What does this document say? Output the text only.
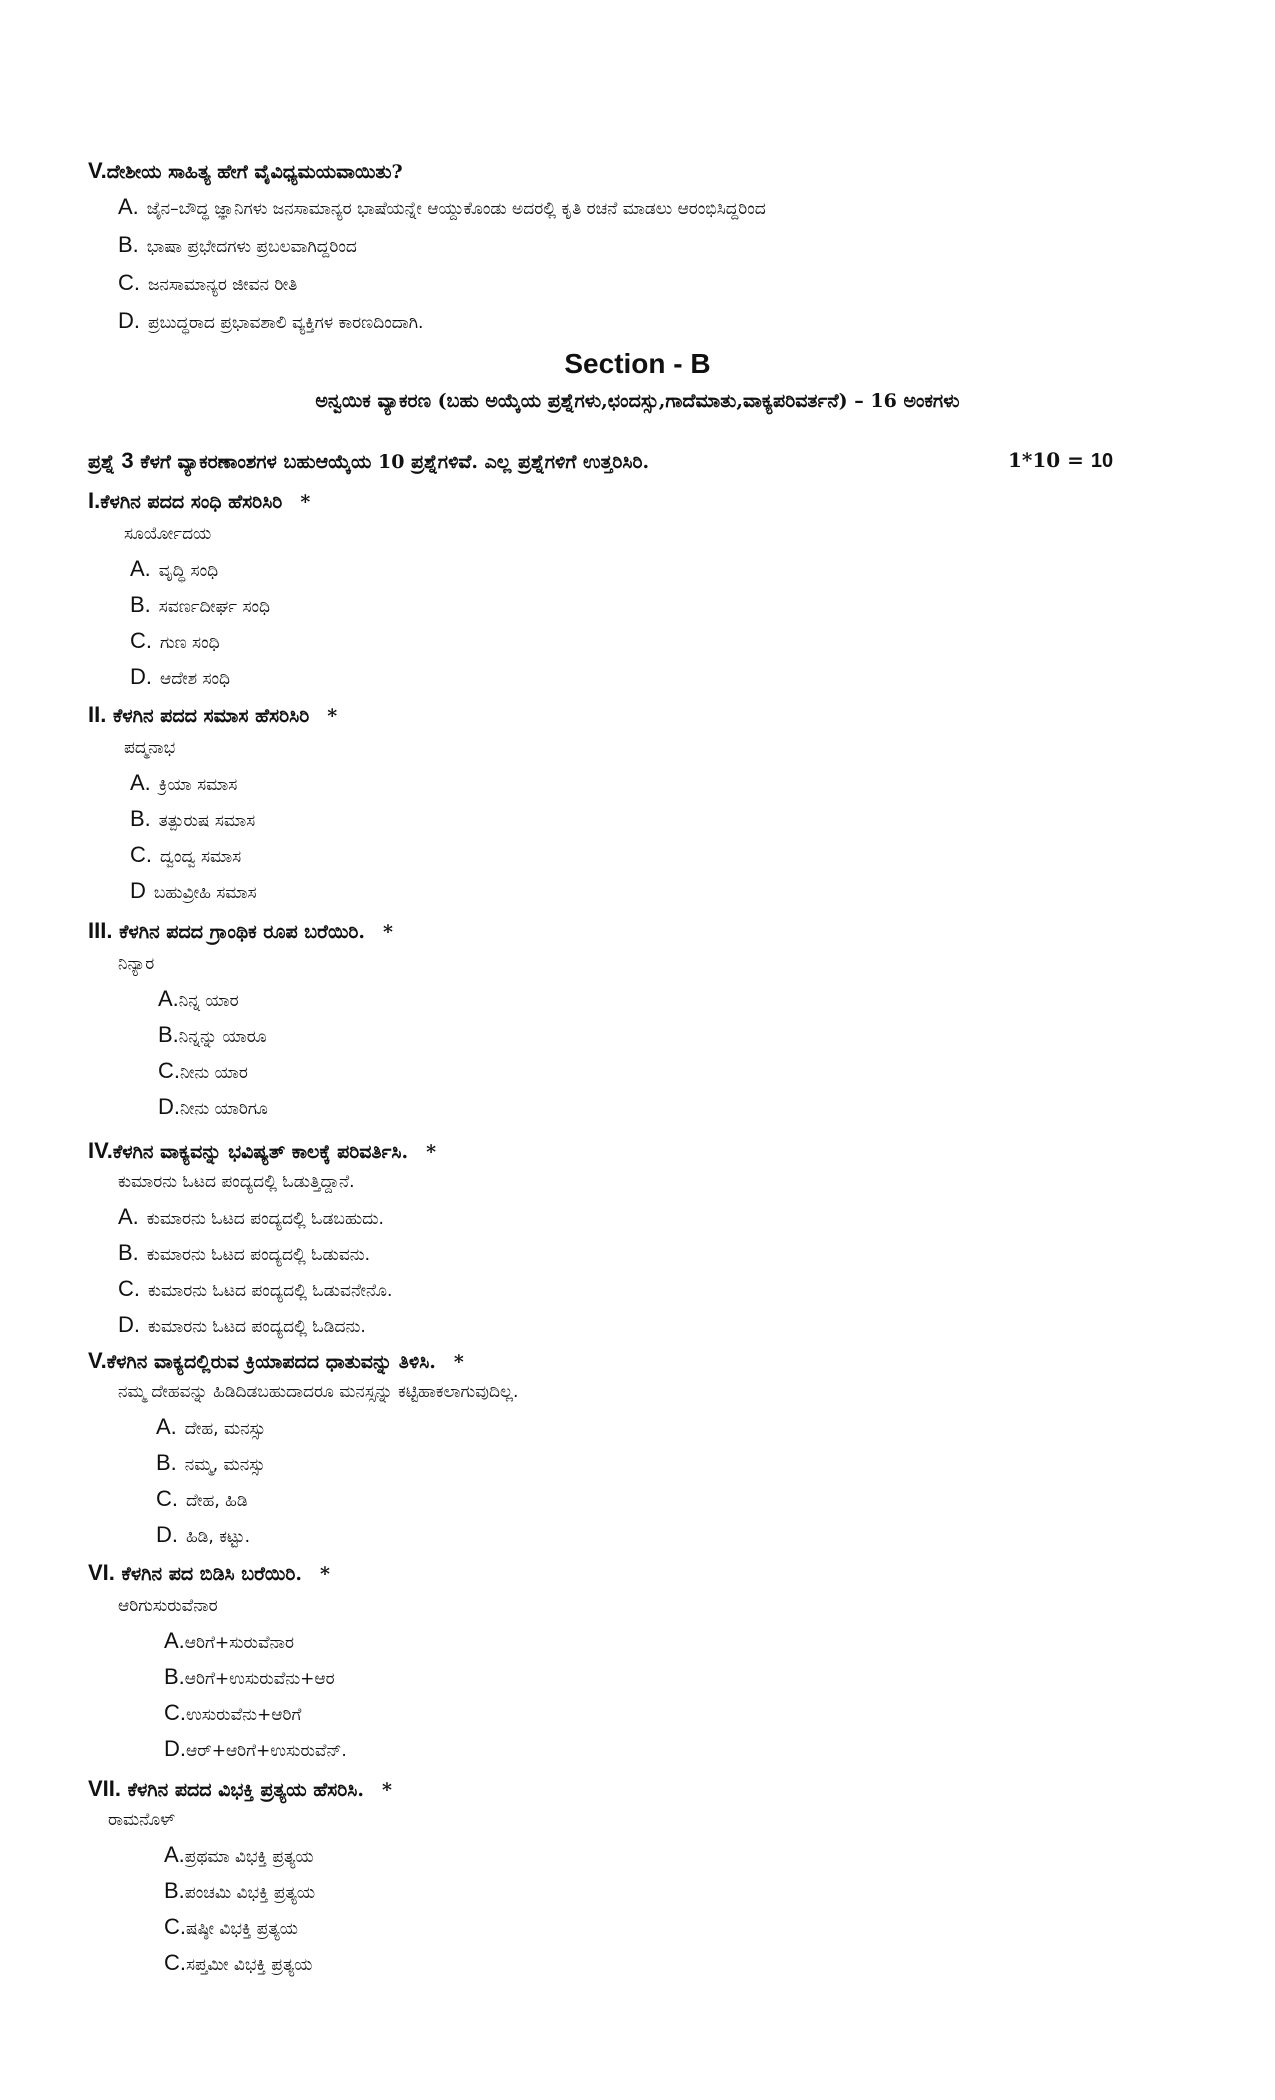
V.ದೇಶೀಯ ಸಾಹಿತ್ಯ ಹೇಗೆ ವೈವಿಧ್ಯಮಯವಾಯಿತು?
A. ಜೈನ–ಬೌದ್ಧ ಜ್ಞಾನಿಗಳು ಜನಸಾಮಾನ್ಯರ ಭಾಷೆಯನ್ನೇ ಆಯ್ದುಕೊಂಡು ಅದರಲ್ಲಿ ಕೃತಿ ರಚನೆ ಮಾಡಲು ಆರಂಭಿಸಿದ್ದರಿಂದ
B. ಭಾಷಾ ಪ್ರಭೇದಗಳು ಪ್ರಬಲವಾಗಿದ್ದರಿಂದ
C. ಜನಸಾಮಾನ್ಯರ ಜೀವನ ರೀತಿ
D. ಪ್ರಬುದ್ಧರಾದ ಪ್ರಭಾವಶಾಲಿ ವ್ಯಕ್ತಿಗಳ ಕಾರಣದಿಂದಾಗಿ.
Section - B
ಅನ್ವಯಿಕ ವ್ಯಾಕರಣ (ಬಹು ಅಯ್ಕೆಯ ಪ್ರಶ್ನೆಗಳು,ಛಂದಸ್ಸು,ಗಾದೆಮಾತು,ವಾಕ್ಯಪರಿವರ್ತನೆ) – 16 ಅಂಕಗಳು
ಪ್ರಶ್ನೆ 3 ಕೆಳಗೆ ವ್ಯಾಕರಣಾಂಶಗಳ ಬಹುಆಯ್ಕೆಯ 10 ಪ್ರಶ್ನೆಗಳಿವೆ. ಎಲ್ಲ ಪ್ರಶ್ನೆಗಳಿಗೆ ಉತ್ತರಿಸಿರಿ.	1*10 = 10
I.ಕೆಳಗಿನ ಪದದ ಸಂಧಿ ಹೆಸರಿಸಿರಿ *
ಸೂರ್ಯೋದಯ
A. ವೃದ್ಧಿ ಸಂಧಿ
B. ಸವರ್ಣದೀರ್ಘ ಸಂಧಿ
C. ಗುಣ ಸಂಧಿ
D. ಆದೇಶ ಸಂಧಿ
II. ಕೆಳಗಿನ ಪದದ ಸಮಾಸ ಹೆಸರಿಸಿರಿ *
ಪದ್ಮನಾಭ
A. ಕ್ರಿಯಾ ಸಮಾಸ
B. ತತ್ಪುರುಷ ಸಮಾಸ
C. ದ್ವಂದ್ವ ಸಮಾಸ
D ಬಹುವ್ರೀಹಿ ಸಮಾಸ
III. ಕೆಳಗಿನ ಪದದ ಗ್ರಾಂಥಿಕ ರೂಪ ಬರೆಯಿರಿ. *
ನಿನ್ಯಾರ
A.ನಿನ್ನ ಯಾರ
B.ನಿನ್ನನ್ನು ಯಾರೂ
C.ನೀನು ಯಾರ
D.ನೀನು ಯಾರಿಗೂ
IV.ಕೆಳಗಿನ ವಾಕ್ಯವನ್ನು ಭವಿಷ್ಯತ್ ಕಾಲಕ್ಕೆ ಪರಿವರ್ತಿಸಿ. *
ಕುಮಾರನು ಓಟದ ಪಂದ್ಯದಲ್ಲಿ ಓಡುತ್ತಿದ್ದಾನೆ.
A. ಕುಮಾರನು ಓಟದ ಪಂದ್ಯದಲ್ಲಿ ಓಡಬಹುದು.
B. ಕುಮಾರನು ಓಟದ ಪಂದ್ಯದಲ್ಲಿ ಓಡುವನು.
C. ಕುಮಾರನು ಓಟದ ಪಂದ್ಯದಲ್ಲಿ ಓಡುವನೇನೊ.
D. ಕುಮಾರನು ಓಟದ ಪಂದ್ಯದಲ್ಲಿ ಓಡಿದನು.
V.ಕೆಳಗಿನ ವಾಕ್ಯದಲ್ಲಿರುವ ಕ್ರಿಯಾಪದದ ಧಾತುವನ್ನು ತಿಳಿಸಿ. *
ನಮ್ಮ ದೇಹವನ್ನು ಹಿಡಿದಿಡಬಹುದಾದರೂ ಮನಸ್ಸನ್ನು ಕಟ್ಟಿಹಾಕಲಾಗುವುದಿಲ್ಲ.
A. ದೇಹ, ಮನಸ್ಸು
B. ನಮ್ಮ, ಮನಸ್ಸು
C. ದೇಹ, ಹಿಡಿ
D. ಹಿಡಿ, ಕಟ್ಟು.
VI. ಕೆಳಗಿನ ಪದ ಬಿಡಿಸಿ ಬರೆಯಿರಿ. *
ಆರಿಗುಸುರುವೆನಾರ
A.ಆರಿಗೆ+ಸುರುವೆನಾರ
B.ಆರಿಗೆ+ಉಸುರುವೆನು+ಆರ
C.ಉಸುರುವೆನು+ಆರಿಗೆ
D.ಆರ್+ಆರಿಗೆ+ಉಸುರುವೆನ್.
VII. ಕೆಳಗಿನ ಪದದ ವಿಭಕ್ತಿ ಪ್ರತ್ಯಯ ಹೆಸರಿಸಿ. *
ರಾಮನೊಳ್
A.ಪ್ರಥಮಾ ವಿಭಕ್ತಿ ಪ್ರತ್ಯಯ
B.ಪಂಚಮಿ ವಿಭಕ್ತಿ ಪ್ರತ್ಯಯ
C.ಷಷ್ಠೀ ವಿಭಕ್ತಿ ಪ್ರತ್ಯಯ
C.ಸಪ್ತಮೀ ವಿಭಕ್ತಿ ಪ್ರತ್ಯಯ
